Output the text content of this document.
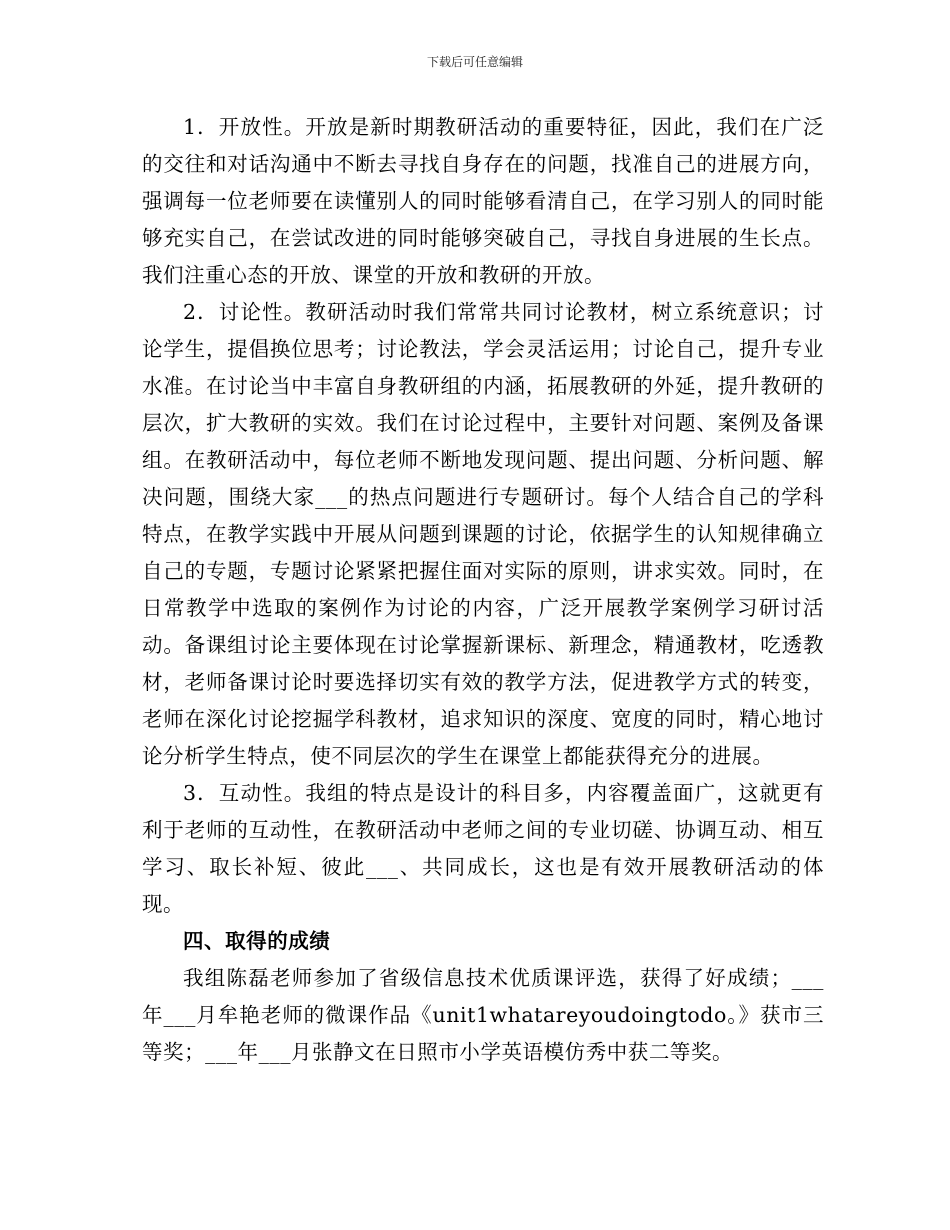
下载后可任意编辑

1．开放性。开放是新时期教研活动的重要特征，因此，我们在广泛的交往和对话沟通中不断去寻找自身存在的问题，找准自己的进展方向，强调每一位老师要在读懂别人的同时能够看清自己，在学习别人的同时能够充实自己，在尝试改进的同时能够突破自己，寻找自身进展的生长点。我们注重心态的开放、课堂的开放和教研的开放。

2．讨论性。教研活动时我们常常共同讨论教材，树立系统意识；讨论学生，提倡换位思考；讨论教法，学会灵活运用；讨论自己，提升专业水准。在讨论当中丰富自身教研组的内涵，拓展教研的外延，提升教研的层次，扩大教研的实效。我们在讨论过程中，主要针对问题、案例及备课组。在教研活动中，每位老师不断地发现问题、提出问题、分析问题、解决问题，围绕大家___的热点问题进行专题研讨。每个人结合自己的学科特点，在教学实践中开展从问题到课题的讨论，依据学生的认知规律确立自己的专题，专题讨论紧紧把握住面对实际的原则，讲求实效。同时，在日常教学中选取的案例作为讨论的内容，广泛开展教学案例学习研讨活动。备课组讨论主要体现在讨论掌握新课标、新理念，精通教材，吃透教材，老师备课讨论时要选择切实有效的教学方法，促进教学方式的转变，老师在深化讨论挖掘学科教材，追求知识的深度、宽度的同时，精心地讨论分析学生特点，使不同层次的学生在课堂上都能获得充分的进展。

3．互动性。我组的特点是设计的科目多，内容覆盖面广，这就更有利于老师的互动性，在教研活动中老师之间的专业切磋、协调互动、相互学习、取长补短、彼此___、共同成长，这也是有效开展教研活动的体现。

四、取得的成绩

我组陈磊老师参加了省级信息技术优质课评选，获得了好成绩；___年___月牟艳老师的微课作品《unit1whatareyoudoingtodo。》获市三等奖；___年___月张静文在日照市小学英语模仿秀中获二等奖。
